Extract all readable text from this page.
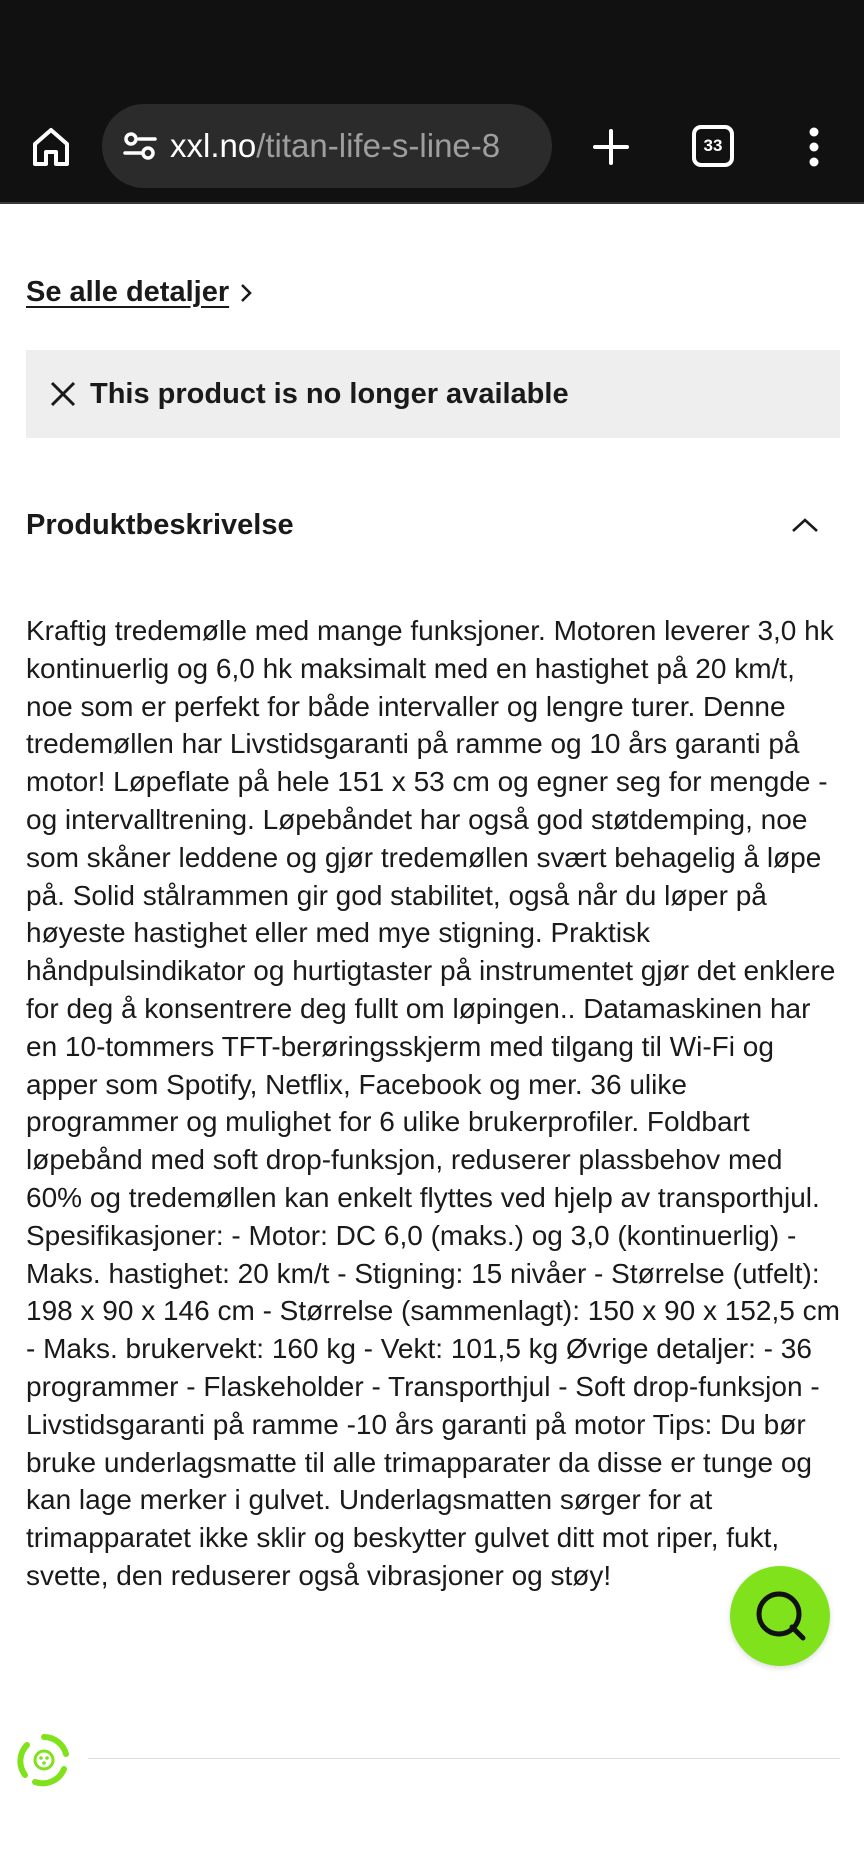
xxl.no/titan-life-s-line-8	33
Se alle detaljer
This product is no longer available
Produktbeskrivelse

Kraftig tredemølle med mange funksjoner. Motoren leverer 3,0 hk kontinuerlig og 6,0 hk maksimalt med en hastighet på 20 km/t, noe som er perfekt for både intervaller og lengre turer. Denne tredemøllen har Livstidsgaranti på ramme og 10 års garanti på motor! Løpeflate på hele 151 x 53 cm og egner seg for mengde - og intervalltrening. Løpebåndet har også god støtdemping, noe som skåner leddene og gjør tredemøllen svært behagelig å løpe på. Solid stålrammen gir god stabilitet, også når du løper på høyeste hastighet eller med mye stigning. Praktisk håndpulsindikator og hurtigtaster på instrumentet gjør det enklere for deg å konsentrere deg fullt om løpingen.. Datamaskinen har en 10-tommers TFT-berøringsskjerm med tilgang til Wi-Fi og apper som Spotify, Netflix, Facebook og mer. 36 ulike programmer og mulighet for 6 ulike brukerprofiler. Foldbart løpebånd med soft drop-funksjon, reduserer plassbehov med 60% og tredemøllen kan enkelt flyttes ved hjelp av transporthjul. Spesifikasjoner: - Motor: DC 6,0 (maks.) og 3,0 (kontinuerlig) - Maks. hastighet: 20 km/t - Stigning: 15 nivåer - Størrelse (utfelt): 198 x 90 x 146 cm - Størrelse (sammenlagt): 150 x 90 x 152,5 cm - Maks. brukervekt: 160 kg - Vekt: 101,5 kg Øvrige detaljer: - 36 programmer - Flaskeholder - Transporthjul - Soft drop-funksjon - Livstidsgaranti på ramme -10 års garanti på motor Tips: Du bør bruke underlagsmatte til alle trimapparater da disse er tunge og kan lage merker i gulvet. Underlagsmatten sørger for at trimapparatet ikke sklir og beskytter gulvet ditt mot riper, fukt, svette, den reduserer også vibrasjoner og støy!
